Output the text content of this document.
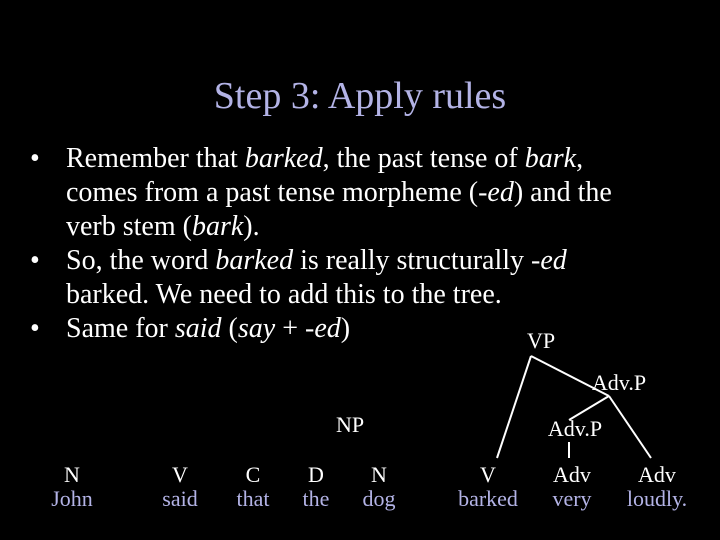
Step 3: Apply rules
• Remember that barked, the past tense of bark,
comes from a past tense morpheme (-ed) and the
verb stem (bark).
• So, the word barked is really structurally -ed
barked. We need to add this to the tree.
• Same for said (say + -ed)	VP
Adv.P
NP	Adv.P
N
John
V
said
C
that
D
the
N
dog
V
barked
Adv
very
Adv
loudly.
